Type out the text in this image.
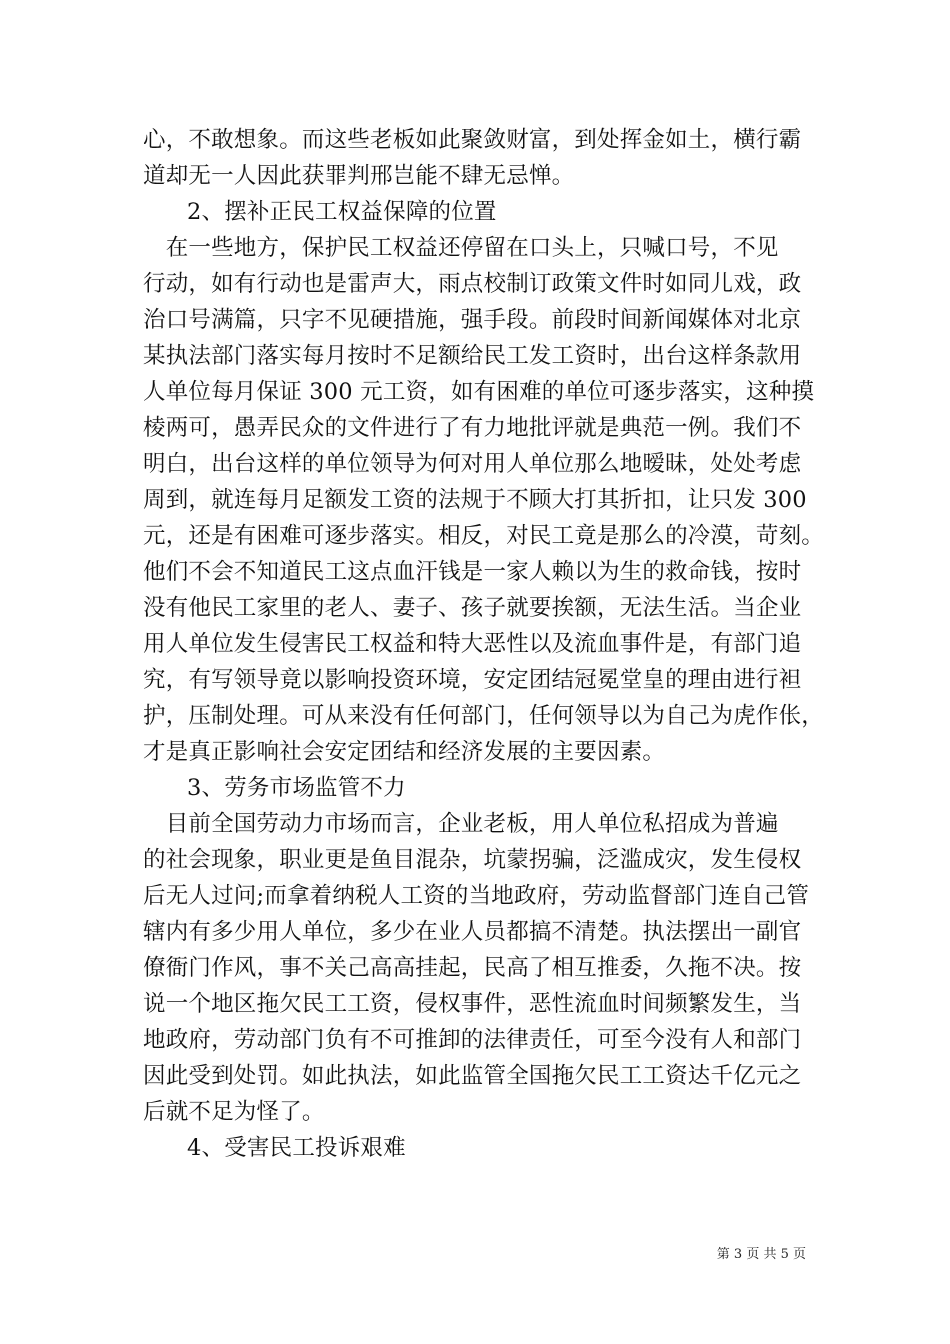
心，不敢想象。而这些老板如此聚敛财富，到处挥金如土，横行霸
道却无一人因此获罪判邢岂能不肆无忌惮。
2、摆补正民工权益保障的位置
　在一些地方，保护民工权益还停留在口头上，只喊口号，不见
行动，如有行动也是雷声大，雨点校制订政策文件时如同儿戏，政
治口号满篇，只字不见硬措施，强手段。前段时间新闻媒体对北京
某执法部门落实每月按时不足额给民工发工资时，出台这样条款用
人单位每月保证 300 元工资，如有困难的单位可逐步落实，这种摸
棱两可，愚弄民众的文件进行了有力地批评就是典范一例。我们不
明白，出台这样的单位领导为何对用人单位那么地暧昧，处处考虑
周到，就连每月足额发工资的法规于不顾大打其折扣，让只发 300
元，还是有困难可逐步落实。相反，对民工竟是那么的冷漠，苛刻。
他们不会不知道民工这点血汗钱是一家人赖以为生的救命钱，按时
没有他民工家里的老人、妻子、孩子就要挨额，无法生活。当企业
用人单位发生侵害民工权益和特大恶性以及流血事件是，有部门追
究，有写领导竟以影响投资环境，安定团结冠冕堂皇的理由进行袒
护，压制处理。可从来没有任何部门，任何领导以为自己为虎作伥，
才是真正影响社会安定团结和经济发展的主要因素。
3、劳务市场监管不力
　目前全国劳动力市场而言，企业老板，用人单位私招成为普遍
的社会现象，职业更是鱼目混杂，坑蒙拐骗，泛滥成灾，发生侵权
后无人过问;而拿着纳税人工资的当地政府，劳动监督部门连自己管
辖内有多少用人单位，多少在业人员都搞不清楚。执法摆出一副官
僚衙门作风，事不关己高高挂起，民高了相互推委，久拖不决。按
说一个地区拖欠民工工资，侵权事件，恶性流血时间频繁发生，当
地政府，劳动部门负有不可推卸的法律责任，可至今没有人和部门
因此受到处罚。如此执法，如此监管全国拖欠民工工资达千亿元之
后就不足为怪了。
4、受害民工投诉艰难
第 3 页 共 5 页
